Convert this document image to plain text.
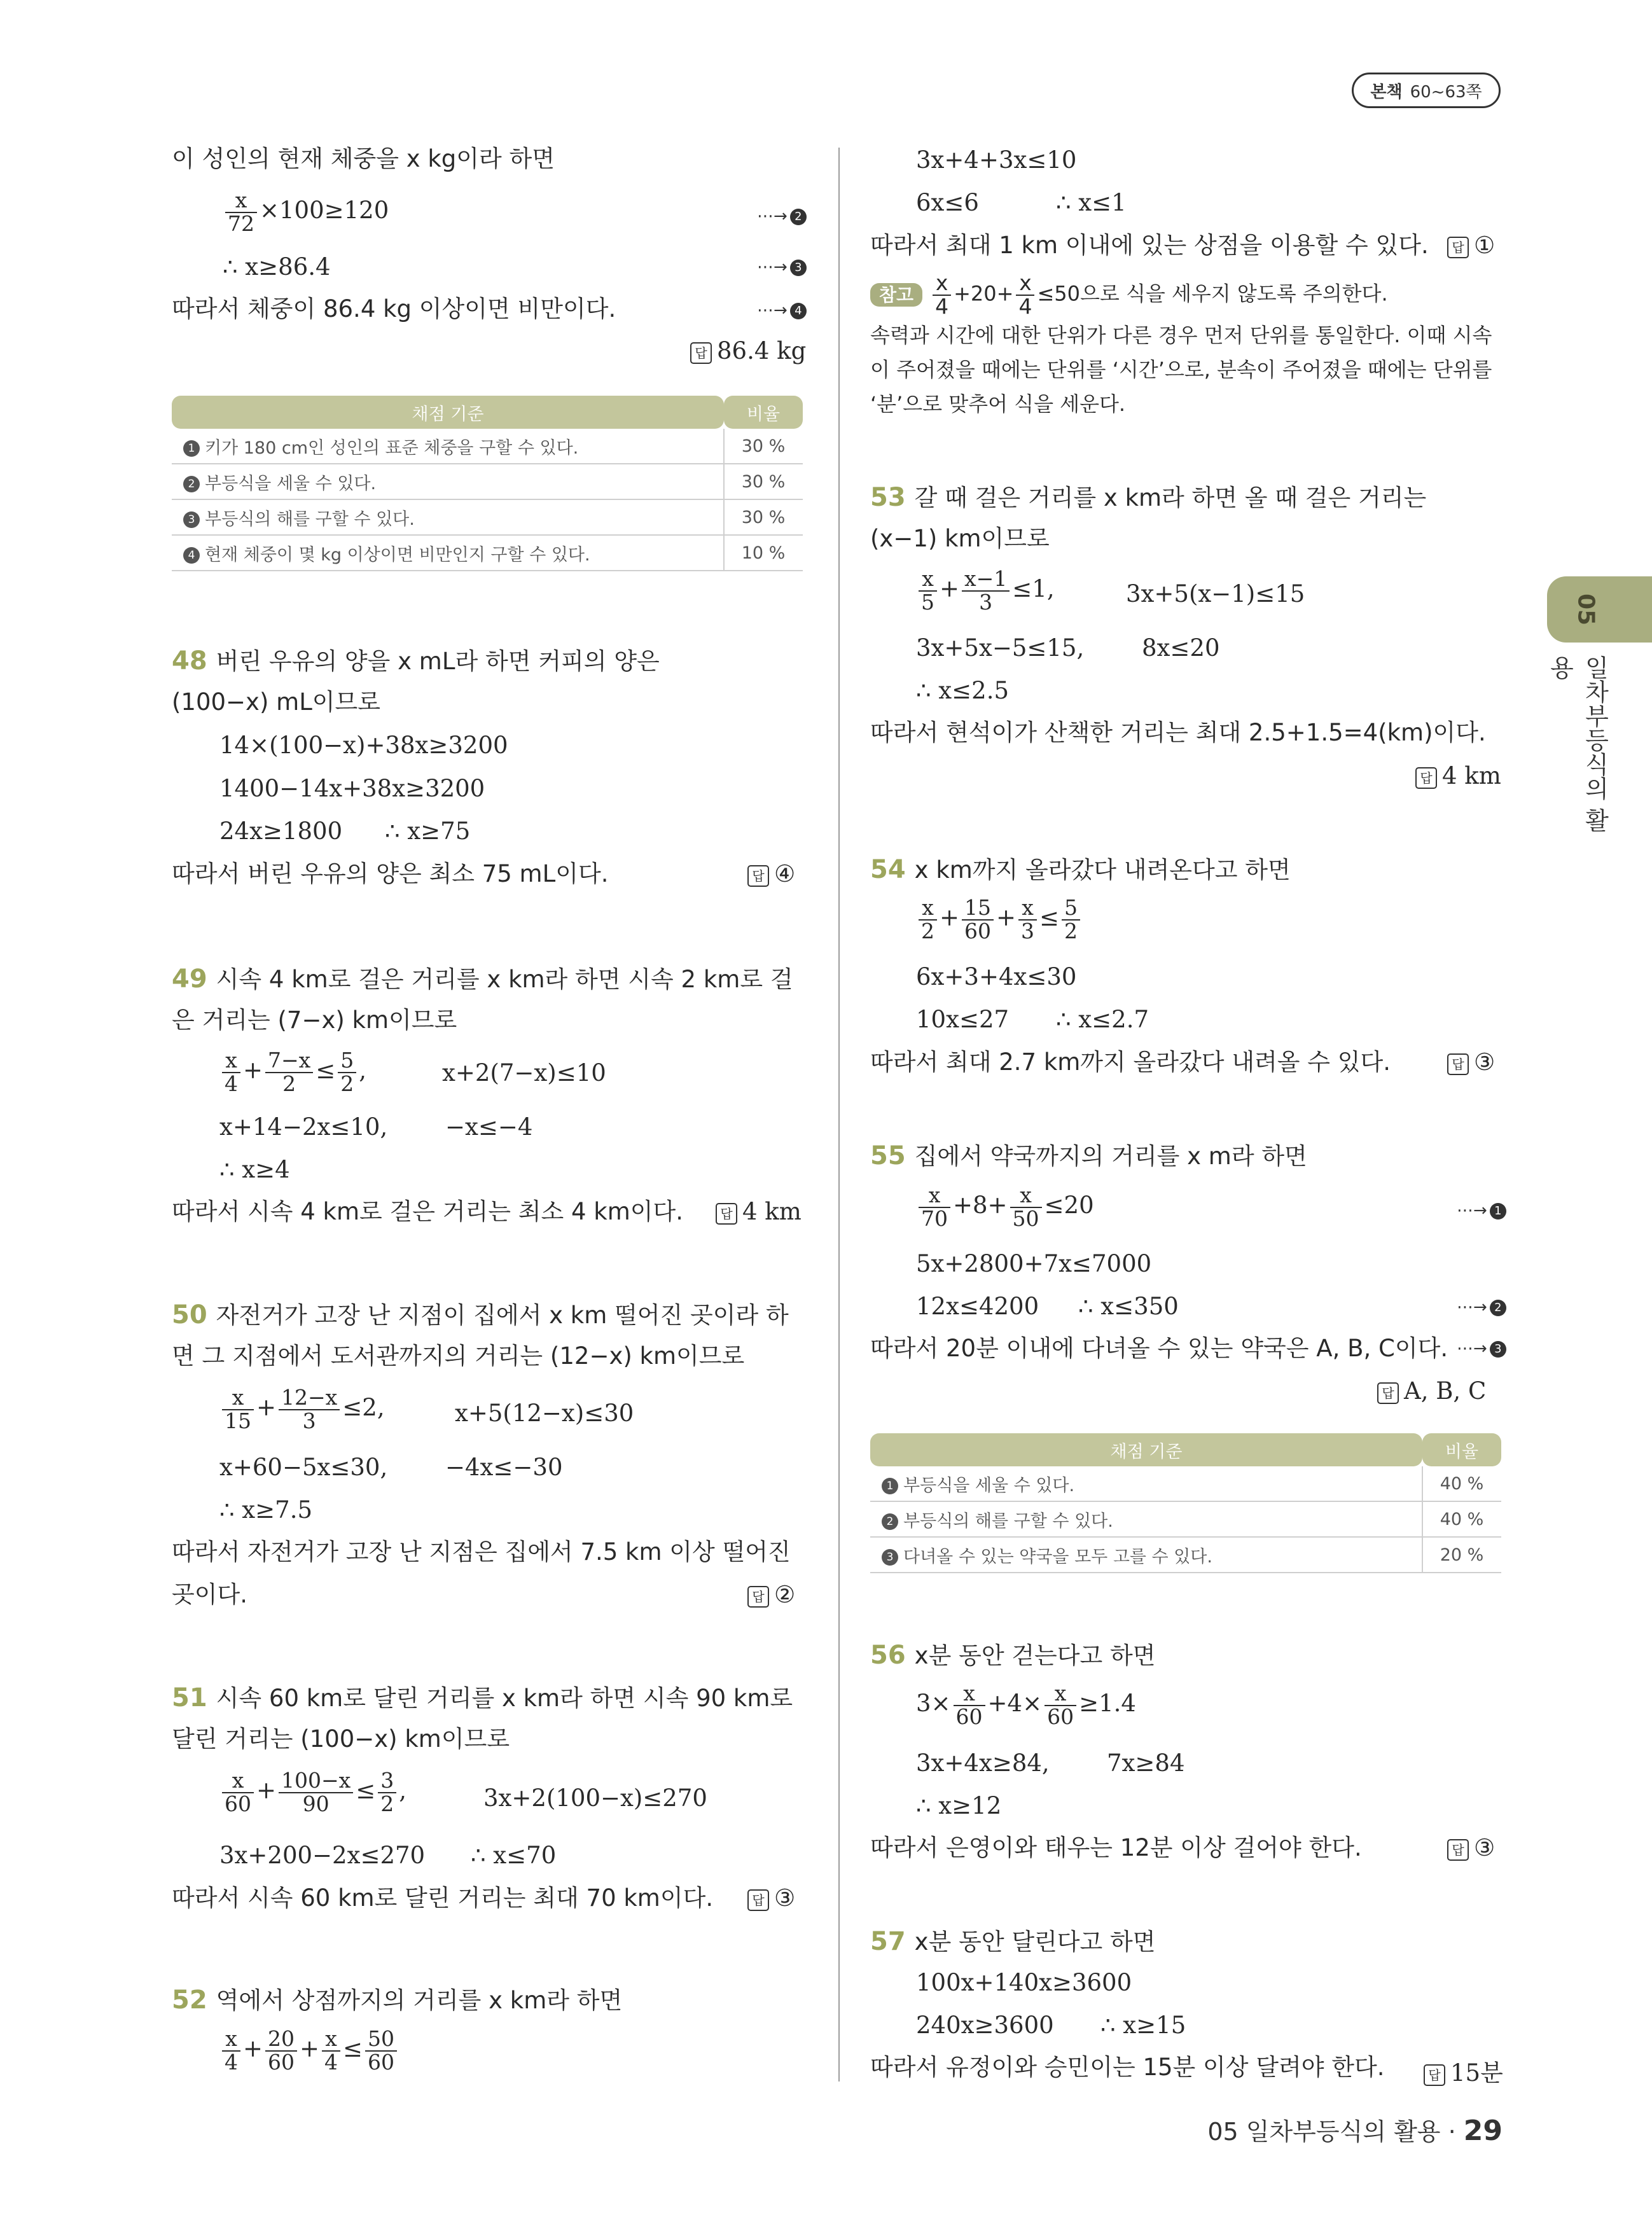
본책 60~63쪽
05
일차부등식의 활용
이 성인의 현재 체중을 x kg이라 하면
$\frac{x}{72} \times 100\ge 120$	⋯→ 2
∴ x≥86.4	⋯→ 3
따라서 체중이 86.4 kg 이상이면 비만이다.	⋯→ 4
답 86.4 kg
채점 기준	비율
1 키가 180 cm인 성인의 표준 체중을 구할 수 있다.	30 %
2 부등식을 세울 수 있다.	30 %
3 부등식의 해를 구할 수 있다.	30 %
4 현재 체중이 몇 kg 이상이면 비만인지 구할 수 있다.	10 %
48 버린 우유의 양을 x mL라 하면 커피의 양은
(100−x) mL이므로
14×(100−x)+38x≥3200
1400−14x+38x≥3200
24x≥1800 ∴ x≥75
따라서 버린 우유의 양은 최소 75 mL이다.	답 ④
49 시속 4 km로 걸은 거리를 x km라 하면 시속 2 km로 걸
은 거리는 (7−x) km이므로
$\frac{x}{4} + \frac{7-x}{2} \le \frac{5}{2}$ ,	x+2(7−x)≤10
x+14−2x≤10, −x≤−4
∴ x≥4
따라서 시속 4 km로 걸은 거리는 최소 4 km이다.	답 4 km
50 자전거가 고장 난 지점이 집에서 x km 떨어진 곳이라 하
면 그 지점에서 도서관까지의 거리는 (12−x) km이므로
$\frac{x}{15} + \frac{12-x}{3} \le 2$,	x+5(12−x)≤30
x+60−5x≤30, −4x≤−30
∴ x≥7.5
따라서 자전거가 고장 난 지점은 집에서 7.5 km 이상 떨어진
곳이다.	답 ②
51 시속 60 km로 달린 거리를 x km라 하면 시속 90 km로
달린 거리는 (100−x) km이므로
$\frac{x}{60} + \frac{100-x}{90} \le \frac{3}{2}$ ,	3x+2(100−x)≤270
3x+200−2x≤270 ∴ x≤70
따라서 시속 60 km로 달린 거리는 최대 70 km이다.	답 ③
52 역에서 상점까지의 거리를 x km라 하면
$\frac{x}{4} + \frac{20}{60} + \frac{x}{4} \le \frac{50}{60}$
3x+4+3x≤10
6x≤6	∴ x≤1
따라서 최대 1 km 이내에 있는 상점을 이용할 수 있다.	답 ①
참고 $\frac{x}{4} +20+ \frac{x}{4} \le 50$으로 식을 세우지 않도록 주의한다.
속력과 시간에 대한 단위가 다른 경우 먼저 단위를 통일한다. 이때 시속
이 주어졌을 때에는 단위를 ‘시간’으로, 분속이 주어졌을 때에는 단위를
‘분’으로 맞추어 식을 세운다.
53 갈 때 걸은 거리를 x km라 하면 올 때 걸은 거리는
(x−1) km이므로
$\frac{x}{5} + \frac{x-1}{3} \le 1$,	3x+5(x−1)≤15
3x+5x−5≤15, 8x≤20
∴ x≤2.5
따라서 현석이가 산책한 거리는 최대 2.5+1.5=4(km)이다.
답 4 km
54 x km까지 올라갔다 내려온다고 하면
$\frac{x}{2} + \frac{15}{60} + \frac{x}{3} \le \frac{5}{2}$
6x+3+4x≤30
10x≤27 ∴ x≤2.7
따라서 최대 2.7 km까지 올라갔다 내려올 수 있다.	답 ③
55 집에서 약국까지의 거리를 x m라 하면
$\frac{x}{70} +8+ \frac{x}{50} \le 20$	⋯→ 1
5x+2800+7x≤7000
12x≤4200 ∴ x≤350	⋯→ 2
따라서 20분 이내에 다녀올 수 있는 약국은 A, B, C이다. ⋯→ 3
답 A, B, C
채점 기준	비율
1 부등식을 세울 수 있다.	40 %
2 부등식의 해를 구할 수 있다.	40 %
3 다녀올 수 있는 약국을 모두 고를 수 있다.	20 %
56 x분 동안 걷는다고 하면
$3\times \frac{x}{60} +4\times \frac{x}{60} \ge 1.4$
3x+4x≥84, 7x≥84
∴ x≥12
따라서 은영이와 태우는 12분 이상 걸어야 한다.	답 ③
57 x분 동안 달린다고 하면
100x+140x≥3600
240x≥3600 ∴ x≥15
따라서 유정이와 승민이는 15분 이상 달려야 한다.	답 15분
05 일차부등식의 활용 · 29
